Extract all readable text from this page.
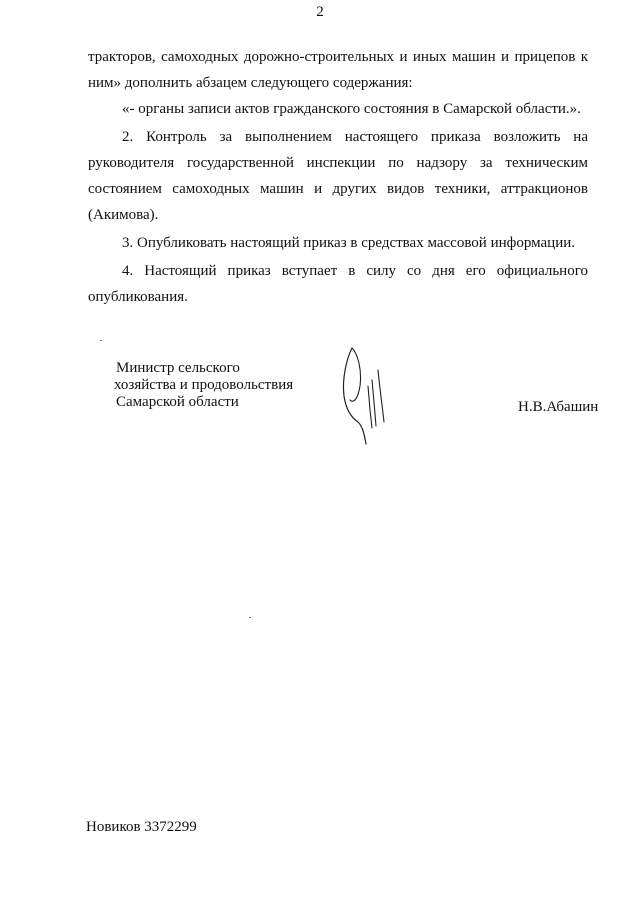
2
тракторов, самоходных дорожно-строительных и иных машин и прицепов к
ним» дополнить абзацем следующего содержания:
«- органы записи актов гражданского состояния в Самарской области.».
2. Контроль за выполнением настоящего приказа возложить на
руководителя государственной инспекции по надзору за техническим
состоянием самоходных машин и других видов техники, аттракционов
(Акимова).
3. Опубликовать настоящий приказ в средствах массовой информации.
4. Настоящий приказ вступает в силу со дня его официального
опубликования.
Министр сельского
хозяйства и продовольствия
Самарской области	Н.В.Абашин
Новиков 3372299
